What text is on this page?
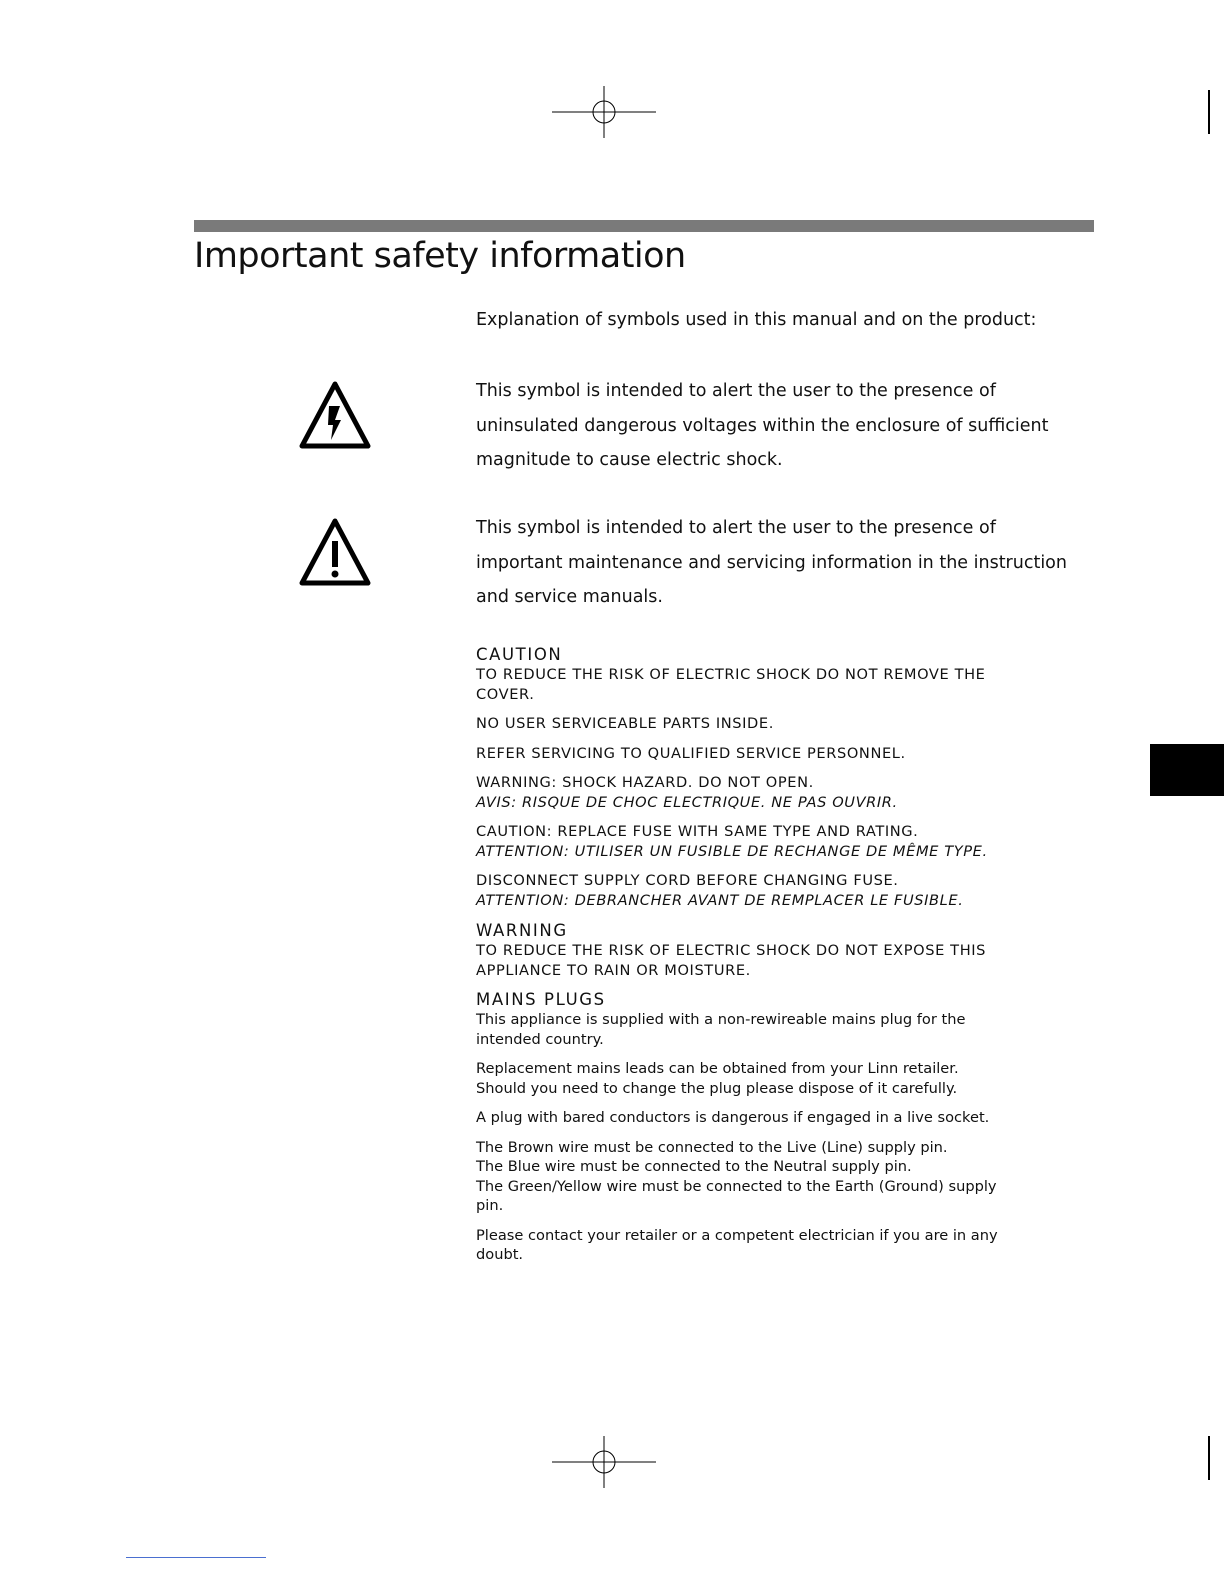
Important safety information

Explanation of symbols used in this manual and on the product:

This symbol is intended to alert the user to the presence of
uninsulated dangerous voltages within the enclosure of sufficient
magnitude to cause electric shock.
This symbol is intended to alert the user to the presence of
important maintenance and servicing information in the instruction
and service manuals.

CAUTION

TO REDUCE THE RISK OF ELECTRIC SHOCK DO NOT REMOVE THE
COVER.

NO USER SERVICEABLE PARTS INSIDE.

REFER SERVICING TO QUALIFIED SERVICE PERSONNEL.

WARNING: SHOCK HAZARD. DO NOT OPEN.
AVIS: RISQUE DE CHOC ELECTRIQUE. NE PAS OUVRIR.

CAUTION: REPLACE FUSE WITH SAME TYPE AND RATING.
ATTENTION: UTILISER UN FUSIBLE DE RECHANGE DE MÊME TYPE.

DISCONNECT SUPPLY CORD BEFORE CHANGING FUSE.
ATTENTION: DEBRANCHER AVANT DE REMPLACER LE FUSIBLE.

WARNING

TO REDUCE THE RISK OF ELECTRIC SHOCK DO NOT EXPOSE THIS
APPLIANCE TO RAIN OR MOISTURE.

MAINS PLUGS

This appliance is supplied with a non-rewireable mains plug for the
intended country.

Replacement mains leads can be obtained from your Linn retailer.
Should you need to change the plug please dispose of it carefully.

A plug with bared conductors is dangerous if engaged in a live socket.

The Brown wire must be connected to the Live (Line) supply pin.
The Blue wire must be connected to the Neutral supply pin.
The Green/Yellow wire must be connected to the Earth (Ground) supply
pin.

Please contact your retailer or a competent electrician if you are in any
doubt.
